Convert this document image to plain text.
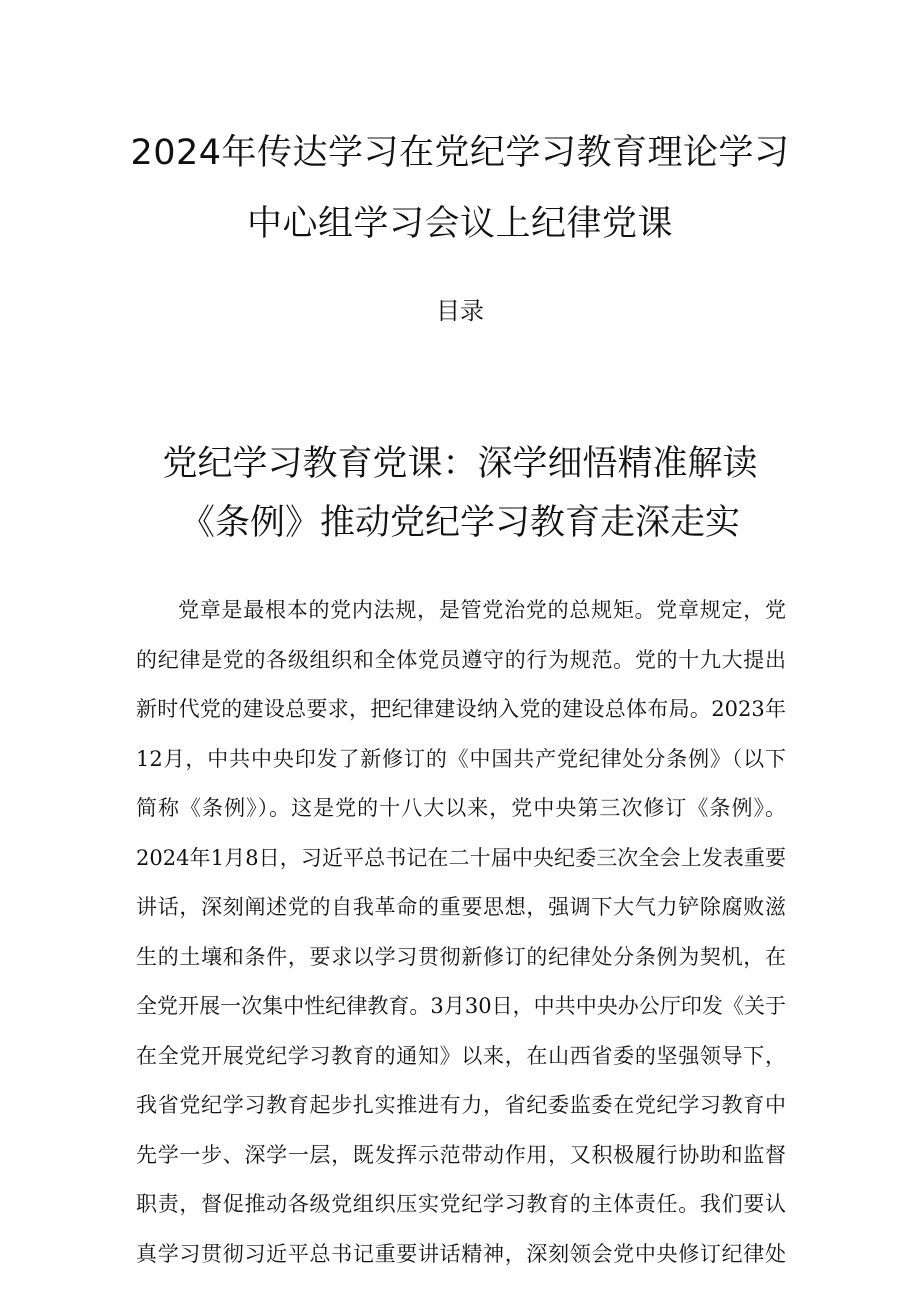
2024年传达学习在党纪学习教育理论学习
中心组学习会议上纪律党课
目录
党纪学习教育党课：深学细悟精准解读
《条例》推动党纪学习教育走深走实
党章是最根本的党内法规，是管党治党的总规矩。党章规定，党
的纪律是党的各级组织和全体党员遵守的行为规范。党的十九大提出
新时代党的建设总要求，把纪律建设纳入党的建设总体布局。2023年
12月，中共中央印发了新修订的《中国共产党纪律处分条例》（以下
简称《条例》）。这是党的十八大以来，党中央第三次修订《条例》。
2024年1月8日，习近平总书记在二十届中央纪委三次全会上发表重要
讲话，深刻阐述党的自我革命的重要思想，强调下大气力铲除腐败滋
生的土壤和条件，要求以学习贯彻新修订的纪律处分条例为契机，在
全党开展一次集中性纪律教育。3月30日，中共中央办公厅印发《关于
在全党开展党纪学习教育的通知》以来，在山西省委的坚强领导下，
我省党纪学习教育起步扎实推进有力，省纪委监委在党纪学习教育中
先学一步、深学一层，既发挥示范带动作用，又积极履行协助和监督
职责，督促推动各级党组织压实党纪学习教育的主体责任。我们要认
真学习贯彻习近平总书记重要讲话精神，深刻领会党中央修订纪律处
